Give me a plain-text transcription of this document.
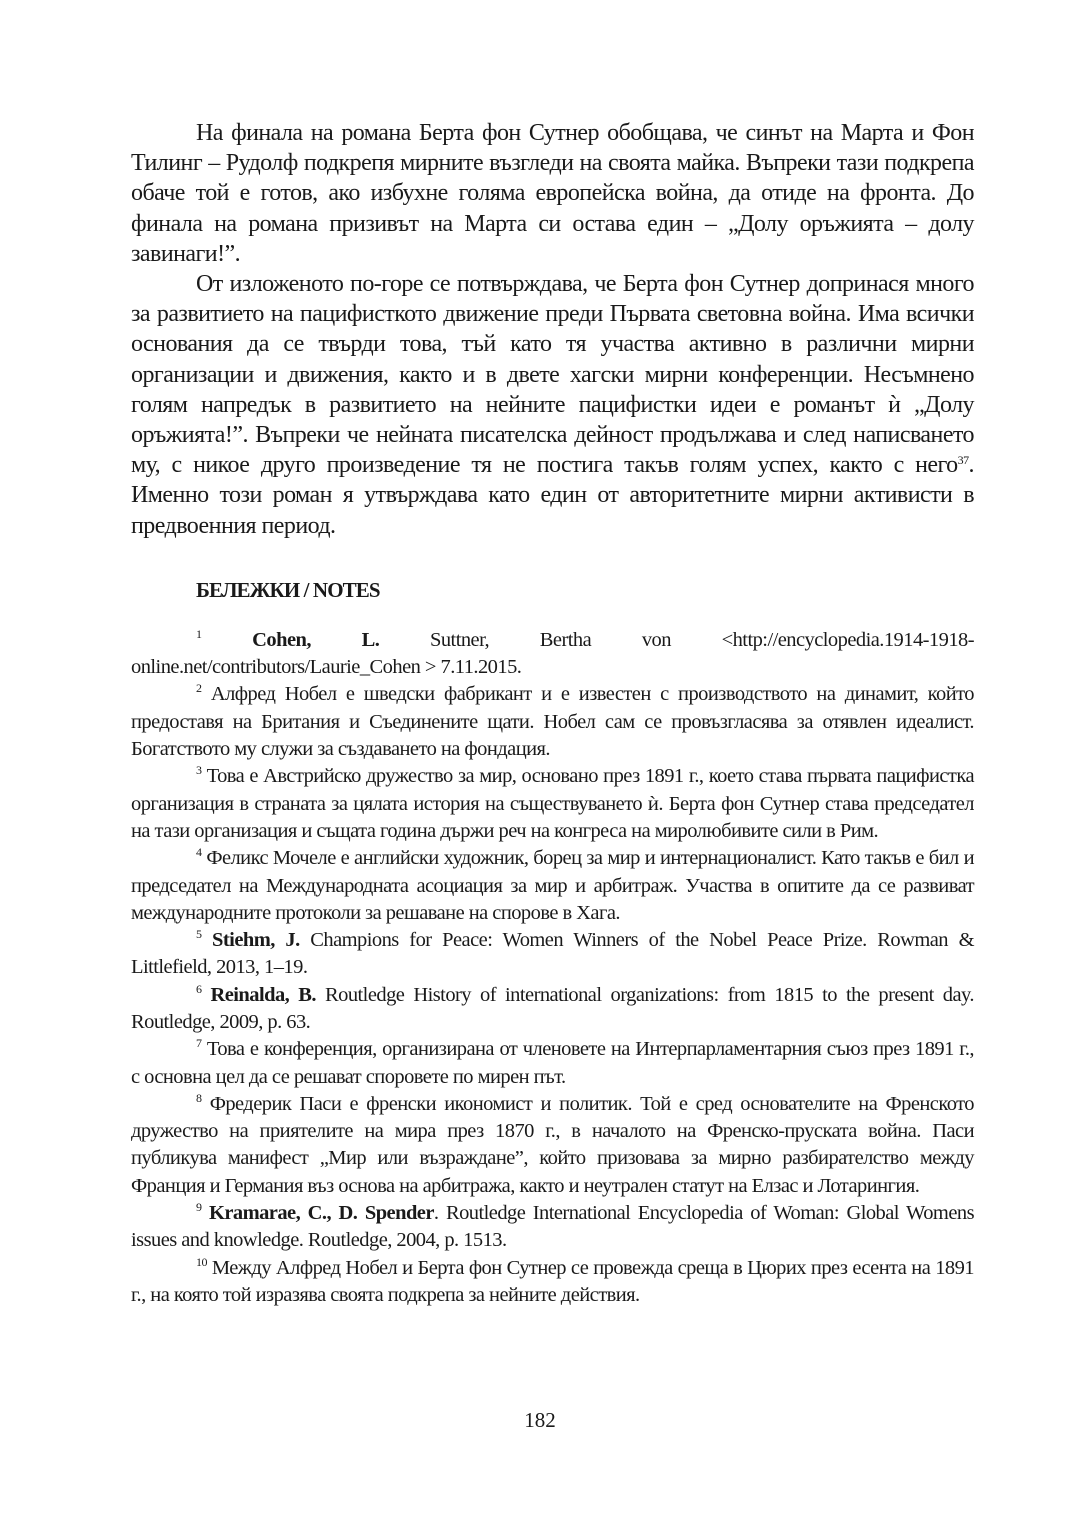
На финала на романа Берта фон Сутнер обобщава, че синът на Марта и Фон Тилинг – Рудолф подкрепя мирните възгледи на своята майка. Въпреки тази подкрепа обаче той е готов, ако избухне голяма европейска война, да отиде на фронта. До финала на романа призивът на Марта си остава един – „Долу оръжията – долу завинаги!”.

От изложеното по-горе се потвърждава, че Берта фон Сутнер допринася много за развитието на пацифисткото движение преди Първата световна война. Има всички основания да се твърди това, тъй като тя участва активно в различни мирни организации и движения, както и в двете хагски мирни конференции. Несъмнено голям напредък в развитието на нейните пацифистки идеи е романът ѝ „Долу оръжията!”. Въпреки че нейната писателска дейност продължава и след написването му, с никое друго произведение тя не постига такъв голям успех, както с него$^{37}$. Именно този роман я утвърждава като един от авторитетните мирни активисти в предвоенния период.

БЕЛЕЖКИ / NOTES

$^1$ Cohen, L. Suttner, Bertha von <http://encyclopedia.1914-1918-online.net/contributors/Laurie_Cohen > 7.11.2015.

$^2$ Алфред Нобел е шведски фабрикант и е известен с производството на динамит, който предоставя на Британия и Съединените щати. Нобел сам се провъзгласява за отявлен идеалист. Богатството му служи за създаването на фондация.

$^3$ Това е Австрийско дружество за мир, основано през 1891 г., което става първата пацифистка организация в страната за цялата история на съществуването ѝ. Берта фон Сутнер става председател на тази организация и същата година държи реч на конгреса на миролюбивите сили в Рим.

$^4$ Феликс Мочеле е английски художник, борец за мир и интернационалист. Като такъв е бил и председател на Международната асоциация за мир и арбитраж. Участва в опитите да се развиват международните протоколи за решаване на спорове в Хага.

$^5$ Stiehm, J. Champions for Peace: Women Winners of the Nobel Peace Prize. Rowman & Littlefield, 2013, 1–19.

$^6$ Reinalda, B. Routledge History of international organizations: from 1815 to the present day. Routledge, 2009, p. 63.

$^7$ Това е конференция, организирана от членовете на Интерпарламентарния съюз през 1891 г., с основна цел да се решават споровете по мирен път.

$^8$ Фредерик Паси е френски икономист и политик. Той е сред основателите на Френското дружество на приятелите на мира през 1870 г., в началото на Френско-пруската война. Паси публикува манифест „Мир или възраждане”, който призовава за мирно разбирателство между Франция и Германия въз основа на арбитража, както и неутрален статут на Елзас и Лотарингия.

$^9$ Kramarae, C., D. Spender. Routledge International Encyclopedia of Woman: Global Womens issues and knowledge. Routledge, 2004, p. 1513.

$^{10}$ Между Алфред Нобел и Берта фон Сутнер се провежда среща в Цюрих през есента на 1891 г., на която той изразява своята подкрепа за нейните действия.

182
